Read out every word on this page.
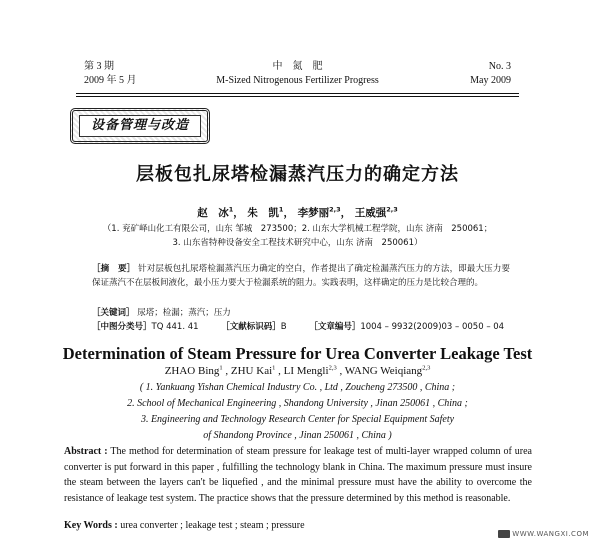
第 3 期
2009 年 5 月
中　氮　肥
M-Sized Nitrogenous Fertilizer Progress
No. 3
May 2009
设备管理与改造
层板包扎尿塔检漏蒸汽压力的确定方法
赵　冰$^1$， 朱　凯$^1$， 李梦丽$^{2,3}$， 王威强$^{2,3}$
（1. 兖矿峄山化工有限公司，山东 邹城　273500；2. 山东大学机械工程学院，山东 济南　250061；
3. 山东省特种设备安全工程技术研究中心，山东 济南　250061）
［摘　要］ 针对层板包扎尿塔检漏蒸汽压力确定的空白，作者提出了确定检漏蒸汽压力的方法，即最大压力要保证蒸汽不在层板间液化，最小压力要大于检漏系统的阻力。实践表明，这样确定的压力是比较合理的。
［关键词］ 尿塔；检漏；蒸汽；压力
［中图分类号］TQ 441. 41	［文献标识码］B	［文章编号］1004 – 9932(2009)03 – 0050 – 04
Determination of Steam Pressure for Urea Converter Leakage Test
ZHAO Bing$^1$ , ZHU Kai$^1$ , LI Mengli$^{2,3}$ , WANG Weiqiang$^{2,3}$
( 1. Yankuang Yishan Chemical Industry Co. , Ltd , Zoucheng 273500 , China ;
2. School of Mechanical Engineering , Shandong University , Jinan 250061 , China ;
3. Engineering and Technology Research Center for Special Equipment Safety
of Shandong Province , Jinan 250061 , China )
Abstract : The method for determination of steam pressure for leakage test of multi-layer wrapped column of urea converter is put forward in this paper , fulfilling the technology blank in China. The maximum pressure must insure the steam between the layers can't be liquefied , and the minimal pressure must have the ability to overcome the resistance of leakage test system. The practice shows that the pressure determined by this method is reasonable.
Key Words : urea converter ; leakage test ; steam ; pressure
WWW.WANGXI.COM
